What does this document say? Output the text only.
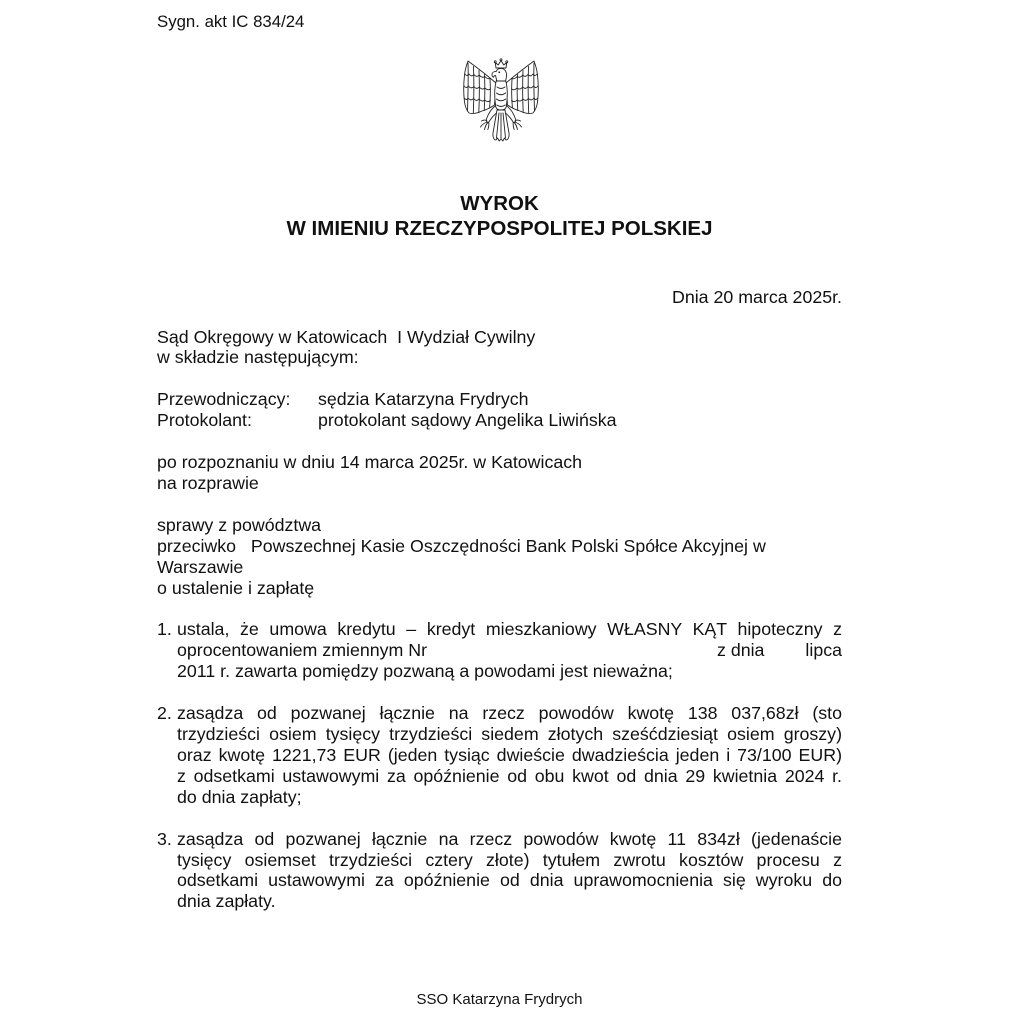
Sygn. akt IC 834/24
WYROK
W IMIENIU RZECZYPOSPOLITEJ POLSKIEJ
Dnia 20 marca 2025r.
Sąd Okręgowy w Katowicach  I Wydział Cywilny
w składzie następującym:
Przewodniczący:	sędzia Katarzyna Frydrych
Protokolant:	protokolant sądowy Angelika Liwińska
po rozpoznaniu w dniu 14 marca 2025r. w Katowicach
na rozprawie
sprawy z powództwa
przeciwko   Powszechnej Kasie Oszczędności Bank Polski Spółce Akcyjnej w
Warszawie
o ustalenie i zapłatę
1. ustala, że umowa kredytu – kredyt mieszkaniowy WŁASNY KĄT hipoteczny z
oprocentowaniem zmiennym Nr	z dnia lipca
2011 r. zawarta pomiędzy pozwaną a powodami jest nieważna;
2. zasądza od pozwanej łącznie na rzecz powodów kwotę 138 037,68zł (sto
trzydzieści osiem tysięcy trzydzieści siedem złotych sześćdziesiąt osiem groszy)
oraz kwotę 1221,73 EUR (jeden tysiąc dwieście dwadzieścia jeden i 73/100 EUR)
z odsetkami ustawowymi za opóźnienie od obu kwot od dnia 29 kwietnia 2024 r.
do dnia zapłaty;
3. zasądza od pozwanej łącznie na rzecz powodów kwotę 11 834zł (jedenaście
tysięcy osiemset trzydzieści cztery złote) tytułem zwrotu kosztów procesu z
odsetkami ustawowymi za opóźnienie od dnia uprawomocnienia się wyroku do
dnia zapłaty.
SSO Katarzyna Frydrych
